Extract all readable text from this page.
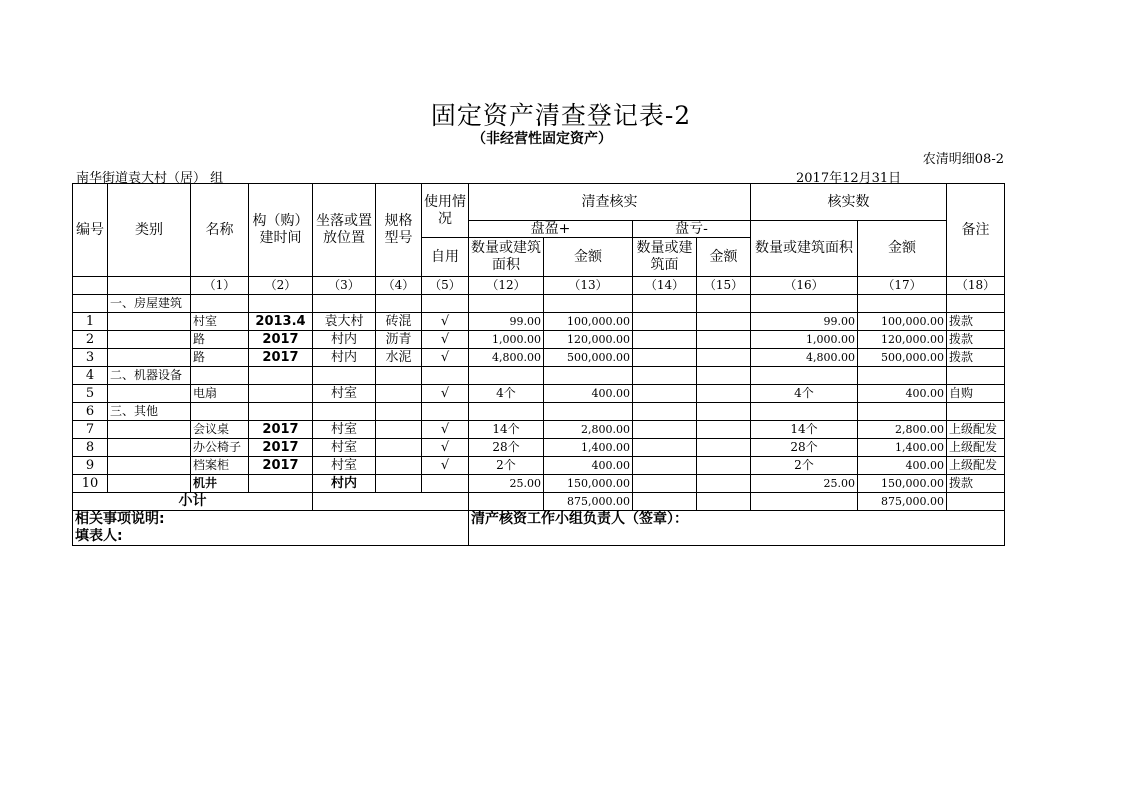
固定资产清查登记表-2
（非经营性固定资产）
农清明细08-2
南华街道袁大村（居） 组	2017年12月31日
编号	类别	名称	构（购）建时间	坐落或置放位置	规格型号	使用情况	清查核实				核实数		备注
							盘盈+		盘亏-		数量或建筑面积	金额	
						自用	数量或建筑面积	金额	数量或建筑面	金额			
		（1）	（2）	（3）	（4）	（5）	（12）	（13）	（14）	（15）	（16）	（17）	（18）
	一、房屋建筑												
1		村室	2013.4	袁大村	砖混	√	99.00	100,000.00			99.00	100,000.00	拨款
2		路	2017	村内	沥青	√	1,000.00	120,000.00			1,000.00	120,000.00	拨款
3		路	2017	村内	水泥	√	4,800.00	500,000.00			4,800.00	500,000.00	拨款
4	二、机器设备												
5		电扇		村室		√	4个	400.00			4个	400.00	自购
6	三、其他												
7		会议桌	2017	村室		√	14个	2,800.00			14个	2,800.00	上级配发
8		办公椅子	2017	村室		√	28个	1,400.00			28个	1,400.00	上级配发
9		档案柜	2017	村室		√	2个	400.00			2个	400.00	上级配发
10		机井		村内			25.00	150,000.00			25.00	150,000.00	拨款
小计								875,000.00				875,000.00	
相关事项说明:							清产核资工作小组负责人（签章）：						
填表人:													
